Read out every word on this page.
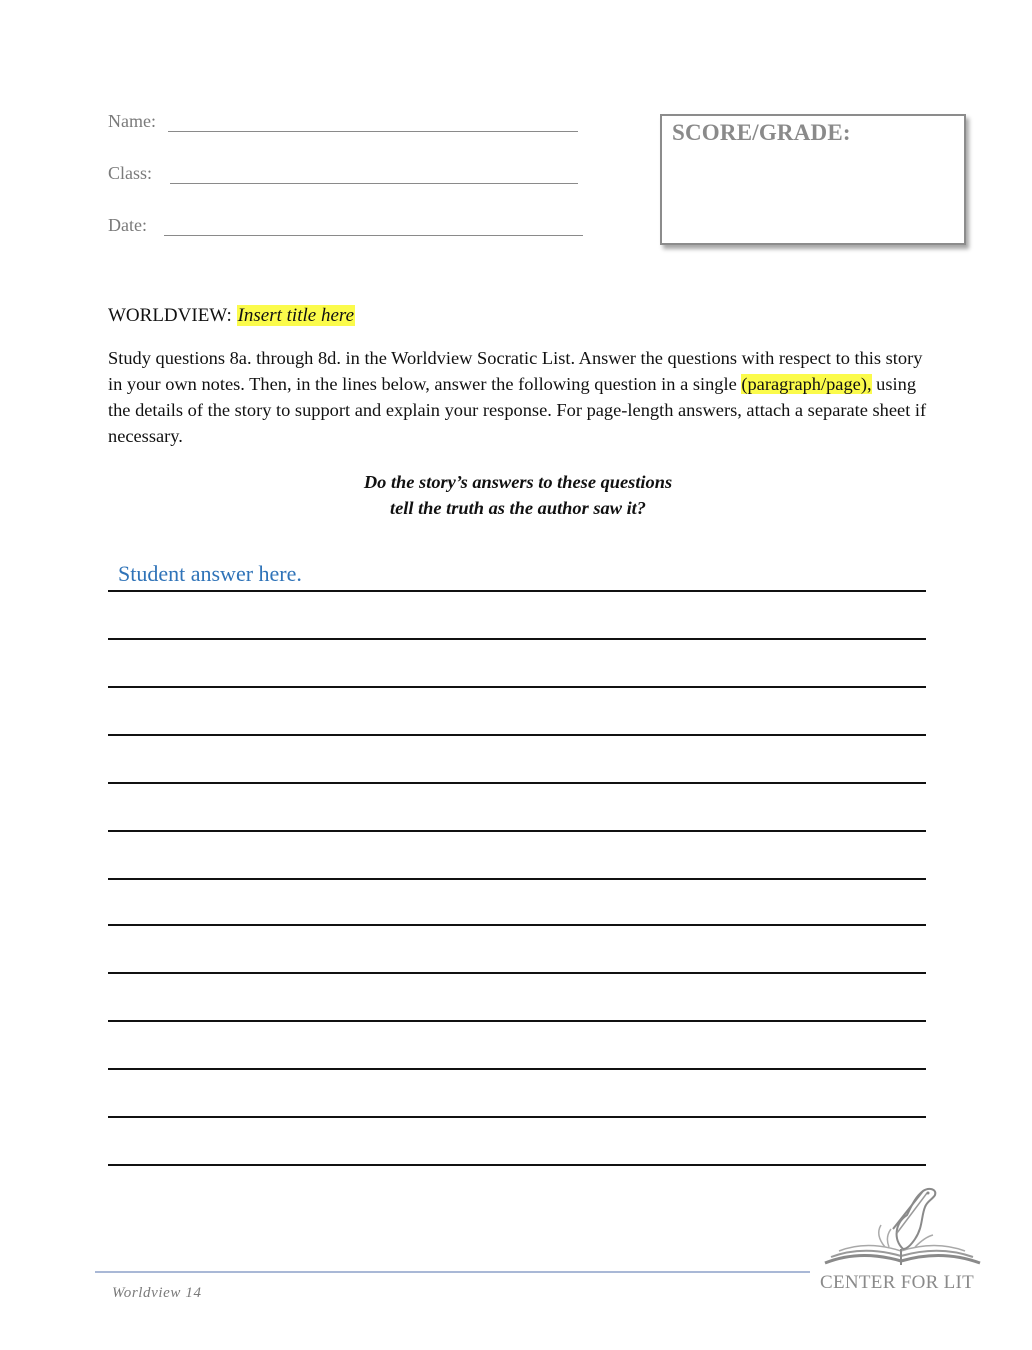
Name:
Class:
Date:
SCORE/GRADE:
WORLDVIEW: Insert title here
Study questions 8a. through 8d. in the Worldview Socratic List. Answer the questions with respect to this story in your own notes. Then, in the lines below, answer the following question in a single (paragraph/page), using the details of the story to support and explain your response. For page-length answers, attach a separate sheet if necessary.
Do the story’s answers to these questions
tell the truth as the author saw it?
Student answer here.
Worldview 14	CENTER FOR LIT
